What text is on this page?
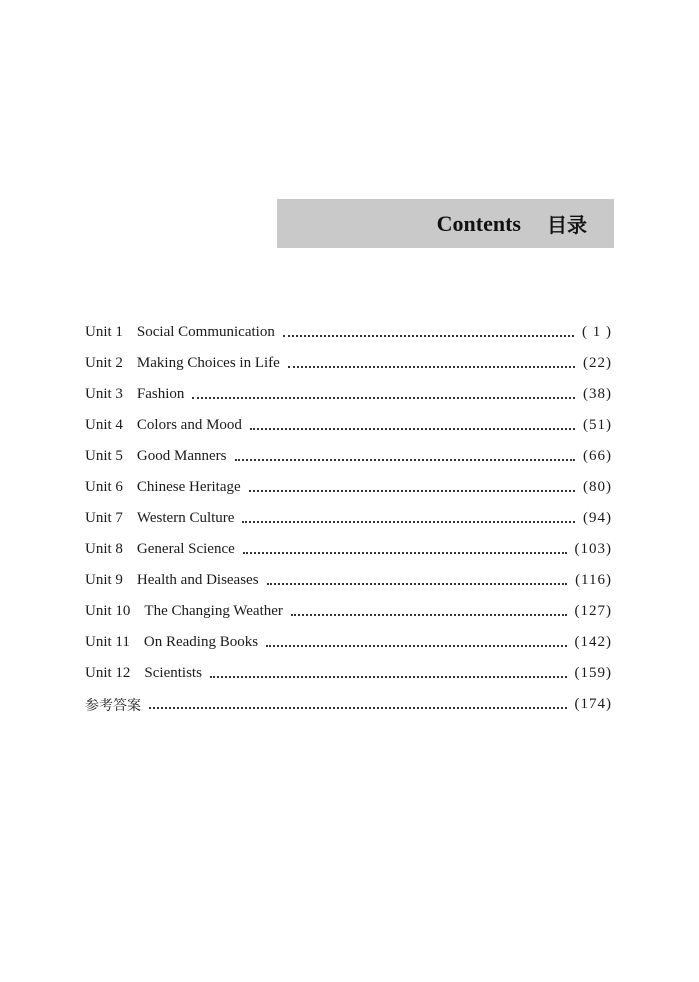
Contents 目录
Unit 1 Social Communication	( 1 )
Unit 2 Making Choices in Life	(22)
Unit 3 Fashion	(38)
Unit 4 Colors and Mood	(51)
Unit 5 Good Manners	(66)
Unit 6 Chinese Heritage	(80)
Unit 7 Western Culture	(94)
Unit 8 General Science	(103)
Unit 9 Health and Diseases	(116)
Unit 10 The Changing Weather	(127)
Unit 11 On Reading Books	(142)
Unit 12 Scientists	(159)
参考答案	(174)
